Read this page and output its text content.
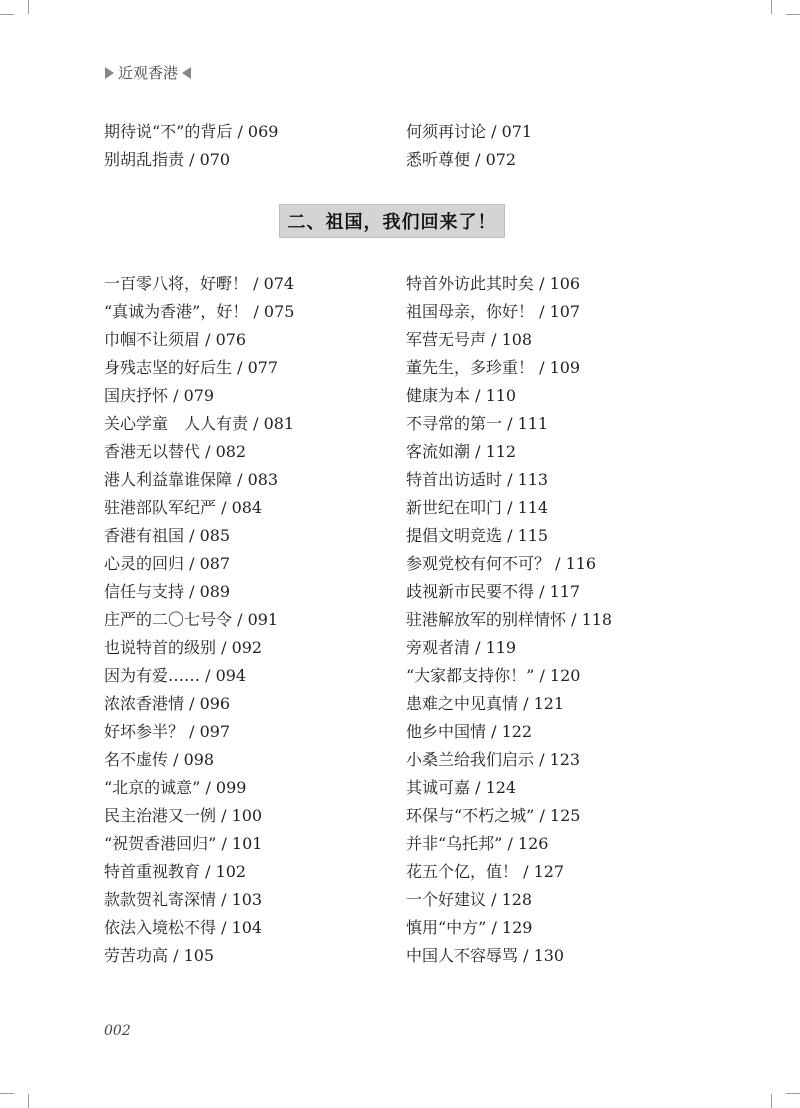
近观香港
期待说“不”的背后 / 069
别胡乱指责 / 070
何须再讨论 / 071
悉听尊便 / 072
二、祖国，我们回来了！
一百零八将，好嘢！ / 074
“真诚为香港”，好！ / 075
巾帼不让须眉 / 076
身残志坚的好后生 / 077
国庆抒怀 / 079
关心学童　人人有责 / 081
香港无以替代 / 082
港人利益靠谁保障 / 083
驻港部队军纪严 / 084
香港有祖国 / 085
心灵的回归 / 087
信任与支持 / 089
庄严的二〇七号令 / 091
也说特首的级别 / 092
因为有爱…… / 094
浓浓香港情 / 096
好坏参半？ / 097
名不虚传 / 098
“北京的诚意” / 099
民主治港又一例 / 100
“祝贺香港回归” / 101
特首重视教育 / 102
款款贺礼寄深情 / 103
依法入境松不得 / 104
劳苦功高 / 105
特首外访此其时矣 / 106
祖国母亲，你好！ / 107
军营无号声 / 108
董先生，多珍重！ / 109
健康为本 / 110
不寻常的第一 / 111
客流如潮 / 112
特首出访适时 / 113
新世纪在叩门 / 114
提倡文明竞选 / 115
参观党校有何不可？ / 116
歧视新市民要不得 / 117
驻港解放军的别样情怀 / 118
旁观者清 / 119
“大家都支持你！” / 120
患难之中见真情 / 121
他乡中国情 / 122
小桑兰给我们启示 / 123
其诚可嘉 / 124
环保与“不朽之城” / 125
并非“乌托邦” / 126
花五个亿，值！ / 127
一个好建议 / 128
慎用“中方” / 129
中国人不容辱骂 / 130
002
